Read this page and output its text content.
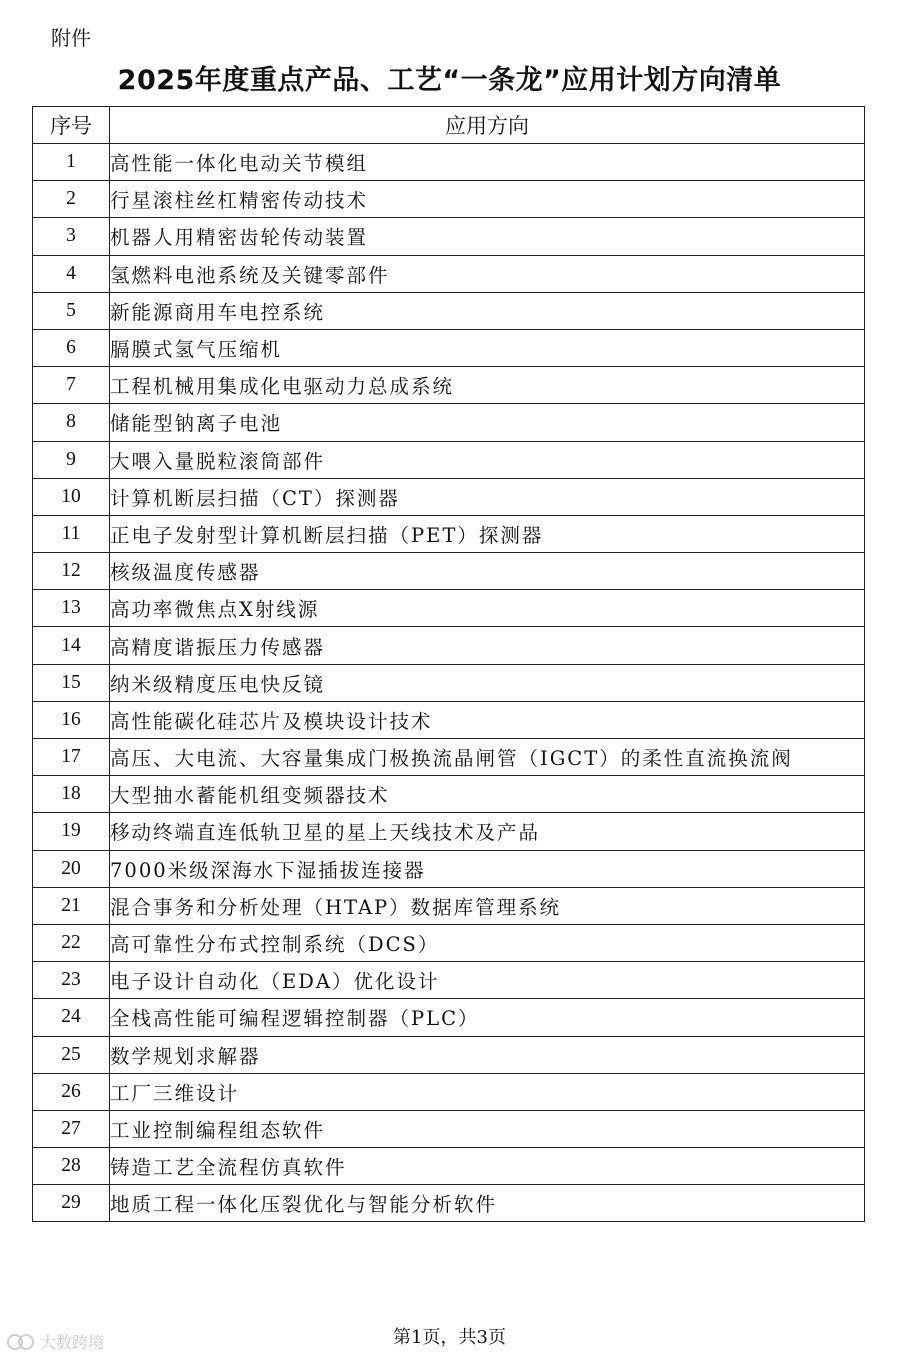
附件
2025年度重点产品、工艺“一条龙”应用计划方向清单
序号	应用方向
1	高性能一体化电动关节模组
2	行星滚柱丝杠精密传动技术
3	机器人用精密齿轮传动装置
4	氢燃料电池系统及关键零部件
5	新能源商用车电控系统
6	膈膜式氢气压缩机
7	工程机械用集成化电驱动力总成系统
8	储能型钠离子电池
9	大喂入量脱粒滚筒部件
10	计算机断层扫描（CT）探测器
11	正电子发射型计算机断层扫描（PET）探测器
12	核级温度传感器
13	高功率微焦点X射线源
14	高精度谐振压力传感器
15	纳米级精度压电快反镜
16	高性能碳化硅芯片及模块设计技术
17	高压、大电流、大容量集成门极换流晶闸管（IGCT）的柔性直流换流阀
18	大型抽水蓄能机组变频器技术
19	移动终端直连低轨卫星的星上天线技术及产品
20	7000米级深海水下湿插拔连接器
21	混合事务和分析处理（HTAP）数据库管理系统
22	高可靠性分布式控制系统（DCS）
23	电子设计自动化（EDA）优化设计
24	全栈高性能可编程逻辑控制器（PLC）
25	数学规划求解器
26	工厂三维设计
27	工业控制编程组态软件
28	铸造工艺全流程仿真软件
29	地质工程一体化压裂优化与智能分析软件
第1页，共3页
大数跨境
